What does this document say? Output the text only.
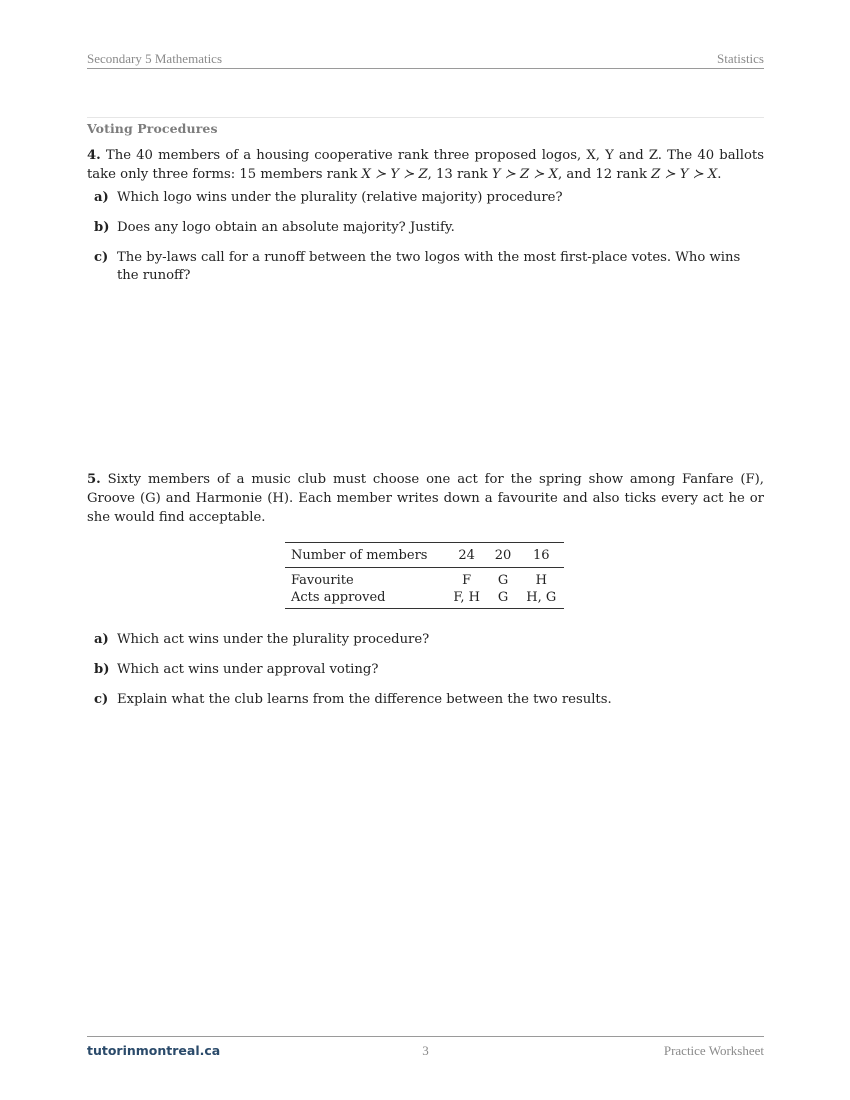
Secondary 5 Mathematics	Statistics
Voting Procedures
4. The 40 members of a housing cooperative rank three proposed logos, X, Y and Z. The 40 ballots take only three forms: 15 members rank X ≻ Y ≻ Z, 13 rank Y ≻ Z ≻ X, and 12 rank Z ≻ Y ≻ X.
a) Which logo wins under the plurality (relative majority) procedure?
b) Does any logo obtain an absolute majority? Justify.
c) The by-laws call for a runoff between the two logos with the most first-place votes. Who wins the runoff?
5. Sixty members of a music club must choose one act for the spring show among Fanfare (F), Groove (G) and Harmonie (H). Each member writes down a favourite and also ticks every act he or she would find acceptable.
Number of members	24	20	16
Favourite	F	G	H
Acts approved	F, H	G	H, G
a) Which act wins under the plurality procedure?
b) Which act wins under approval voting?
c) Explain what the club learns from the difference between the two results.
tutorinmontreal.ca	3	Practice Worksheet
